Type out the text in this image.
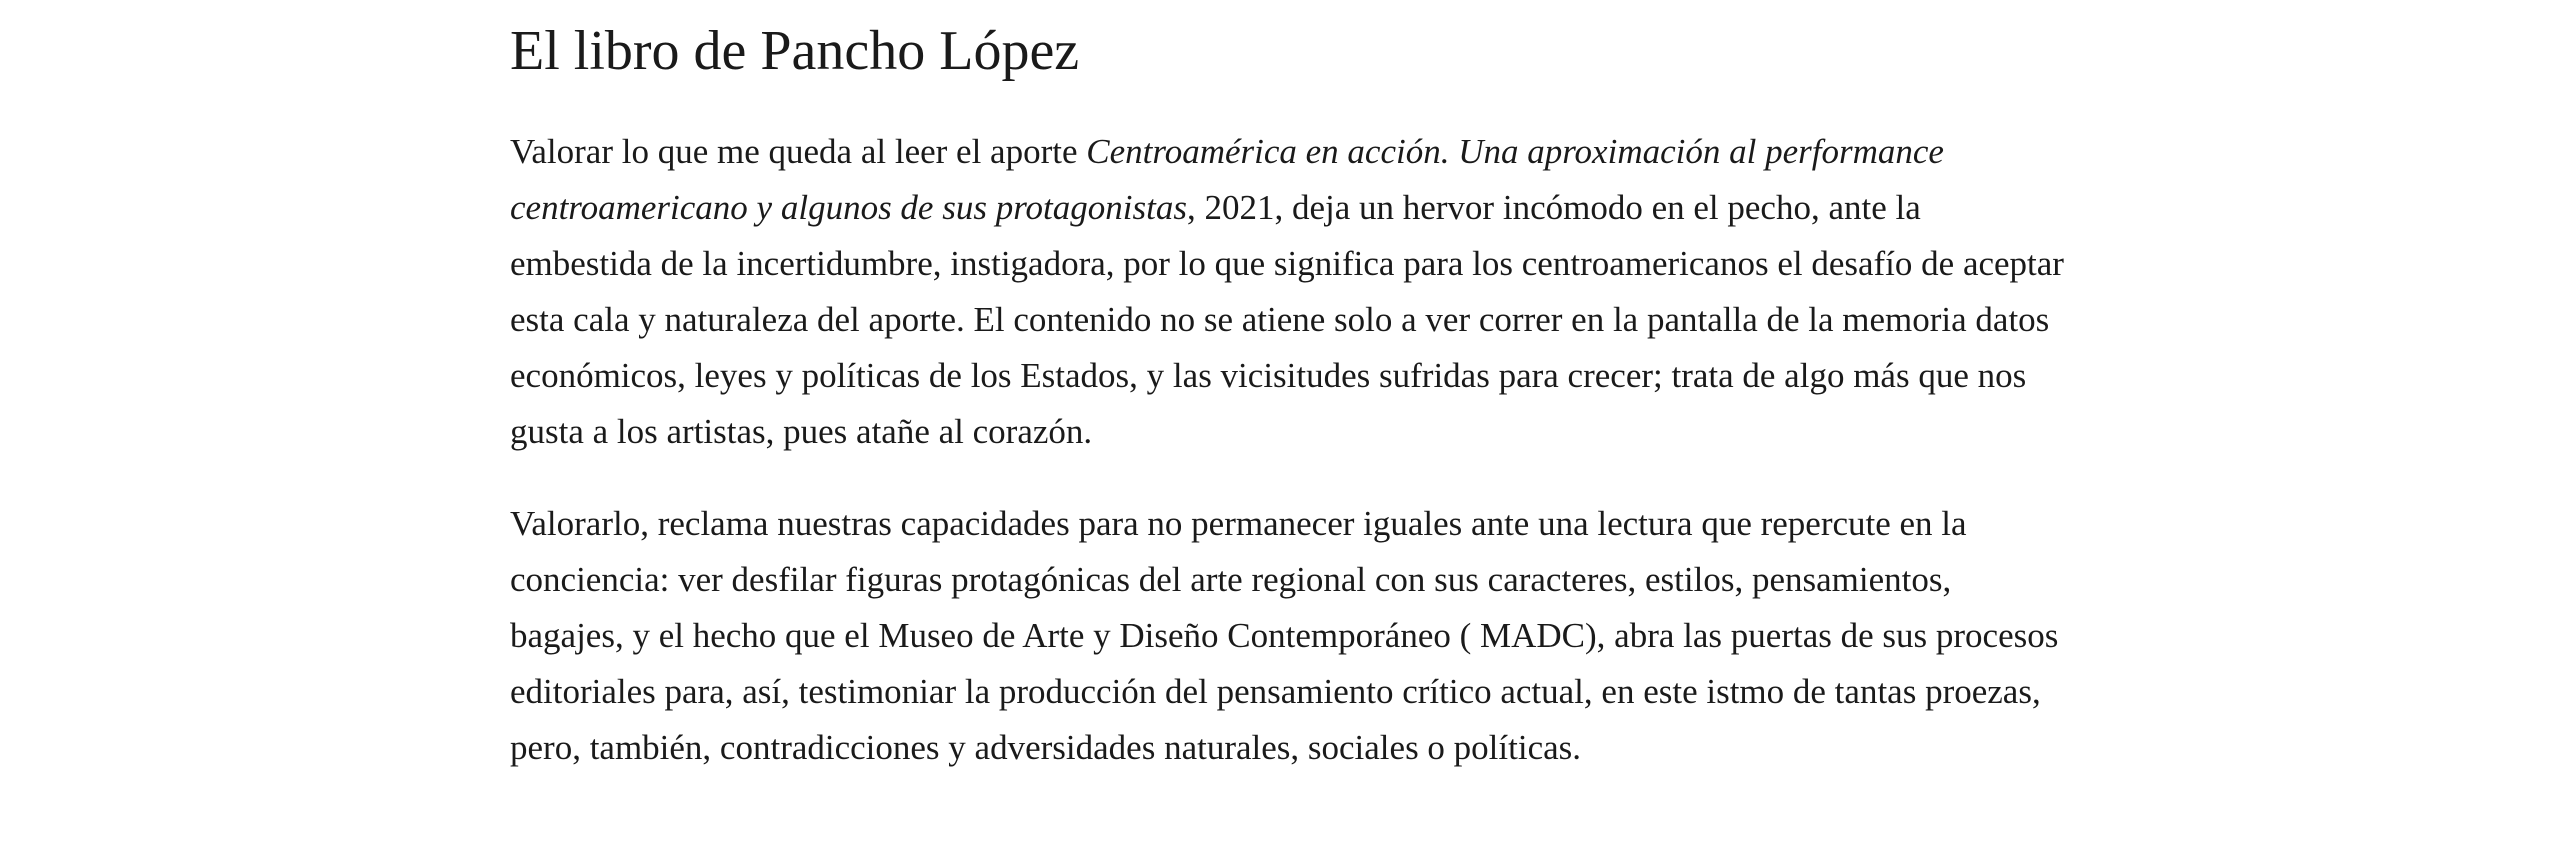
El libro de Pancho López

Valorar lo que me queda al leer el aporte Centroamérica en acción. Una aproximación al performance centroamericano y algunos de sus protagonistas, 2021, deja un hervor incómodo en el pecho, ante la embestida de la incertidumbre, instigadora, por lo que significa para los centroamericanos el desafío de aceptar esta cala y naturaleza del aporte. El contenido no se atiene solo a ver correr en la pantalla de la memoria datos económicos, leyes y políticas de los Estados, y las vicisitudes sufridas para crecer; trata de algo más que nos gusta a los artistas, pues atañe al corazón.

Valorarlo, reclama nuestras capacidades para no permanecer iguales ante una lectura que repercute en la conciencia: ver desfilar figuras protagónicas del arte regional con sus caracteres, estilos, pensamientos, bagajes, y el hecho que el Museo de Arte y Diseño Contemporáneo ( MADC), abra las puertas de sus procesos editoriales para, así, testimoniar la producción del pensamiento crítico actual, en este istmo de tantas proezas, pero, también, contradicciones y adversidades naturales, sociales o políticas.
